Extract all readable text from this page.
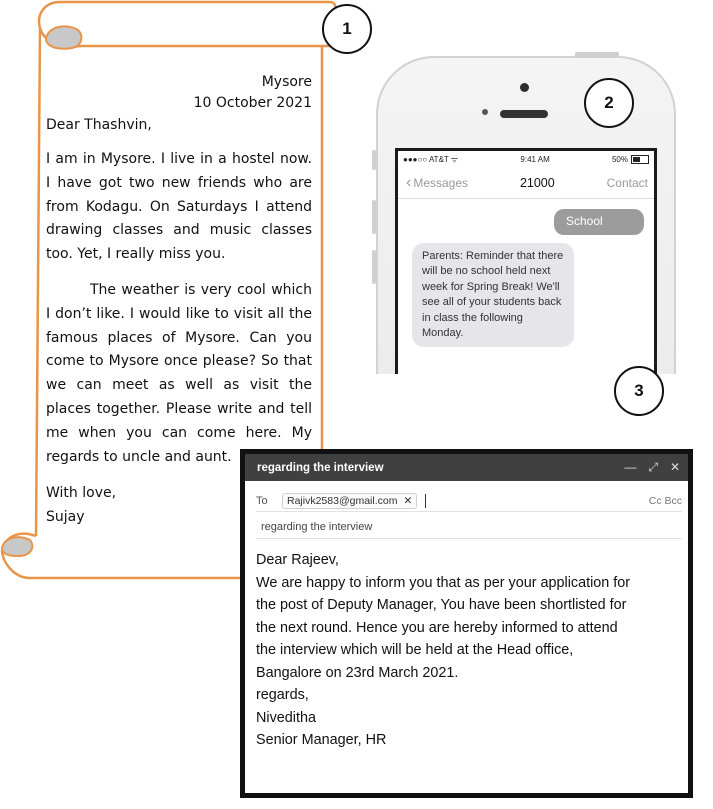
Mysore
10 October 2021
Dear Thashvin,

I am in Mysore. I live in a hostel now. I have got two new friends who are from Kodagu. On Saturdays I attend drawing classes and music classes too. Yet, I really miss you.

The weather is very cool which I don’t like. I would like to visit all the famous places of Mysore. Can you come to Mysore once please? So that we can meet as well as visit the places together. Please write and tell me when you can come here. My regards to uncle and aunt.

With love,
Sujay
1
●●●○○ AT&T ᯤ	9:41 AM	50%
‹ Messages	21000	Contact
School
Parents: Reminder that there will be no school held next week for Spring Break! We'll see all of your students back in class the following Monday.
2
3
regarding the interview	— ⤢ ✕
To	Rajivk2583@gmail.com ✕	Cc Bcc
regarding the interview
Dear Rajeev,
We are happy to inform you that as per your application for
the post of Deputy Manager, You have been shortlisted for
the next round. Hence you are hereby informed to attend
the interview which will be held at the Head office,
Bangalore on 23rd March 2021.
regards,
Niveditha
Senior Manager, HR
